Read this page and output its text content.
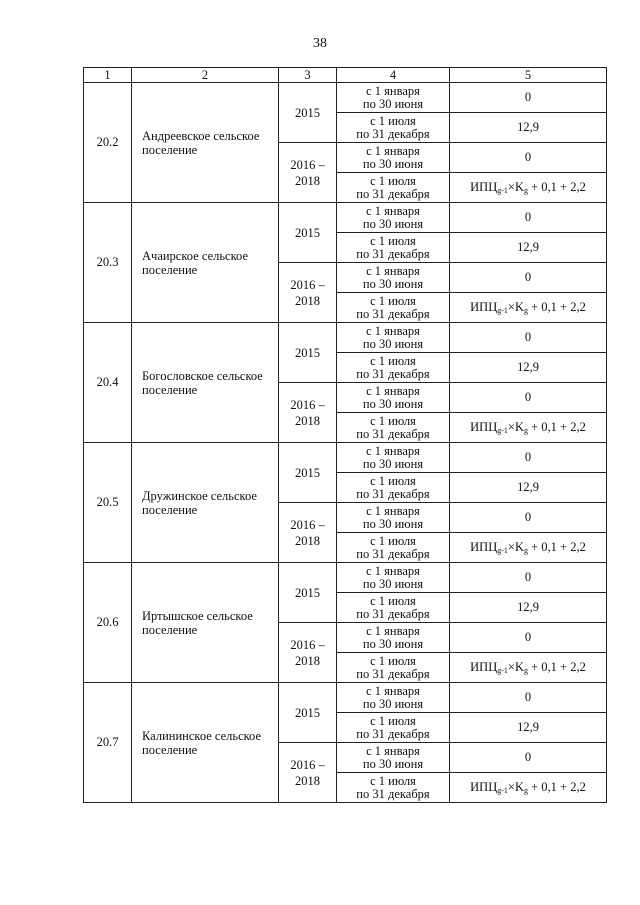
38
1	2	3	4	5
20.2	Андреевское сельское поселение	2015	с 1 января
по 30 июня	0

			с 1 июля
по 31 декабря	12,9
		2016 – 2018	с 1 января
по 30 июня	0

			с 1 июля
по 31 декабря	$ИПЦ_{g-1}\times K_g + 0,1 + 2,2$
20.3	Ачаирское сельское поселение	2015	с 1 января
по 30 июня	0

			с 1 июля
по 31 декабря	12,9
		2016 – 2018	с 1 января
по 30 июня	0

			с 1 июля
по 31 декабря	$ИПЦ_{g-1}\times K_g + 0,1 + 2,2$
20.4	Богословское сельское поселение	2015	с 1 января
по 30 июня	0

			с 1 июля
по 31 декабря	12,9
		2016 – 2018	с 1 января
по 30 июня	0

			с 1 июля
по 31 декабря	$ИПЦ_{g-1}\times K_g + 0,1 + 2,2$
20.5	Дружинское сельское поселение	2015	с 1 января
по 30 июня	0

			с 1 июля
по 31 декабря	12,9
		2016 – 2018	с 1 января
по 30 июня	0

			с 1 июля
по 31 декабря	$ИПЦ_{g-1}\times K_g + 0,1 + 2,2$
20.6	Иртышское сельское поселение	2015	с 1 января
по 30 июня	0

			с 1 июля
по 31 декабря	12,9
		2016 – 2018	с 1 января
по 30 июня	0

			с 1 июля
по 31 декабря	$ИПЦ_{g-1}\times K_g + 0,1 + 2,2$
20.7	Калининское сельское поселение	2015	с 1 января
по 30 июня	0

			с 1 июля
по 31 декабря	12,9
		2016 – 2018	с 1 января
по 30 июня	0

			с 1 июля
по 31 декабря	$ИПЦ_{g-1}\times K_g + 0,1 + 2,2$
